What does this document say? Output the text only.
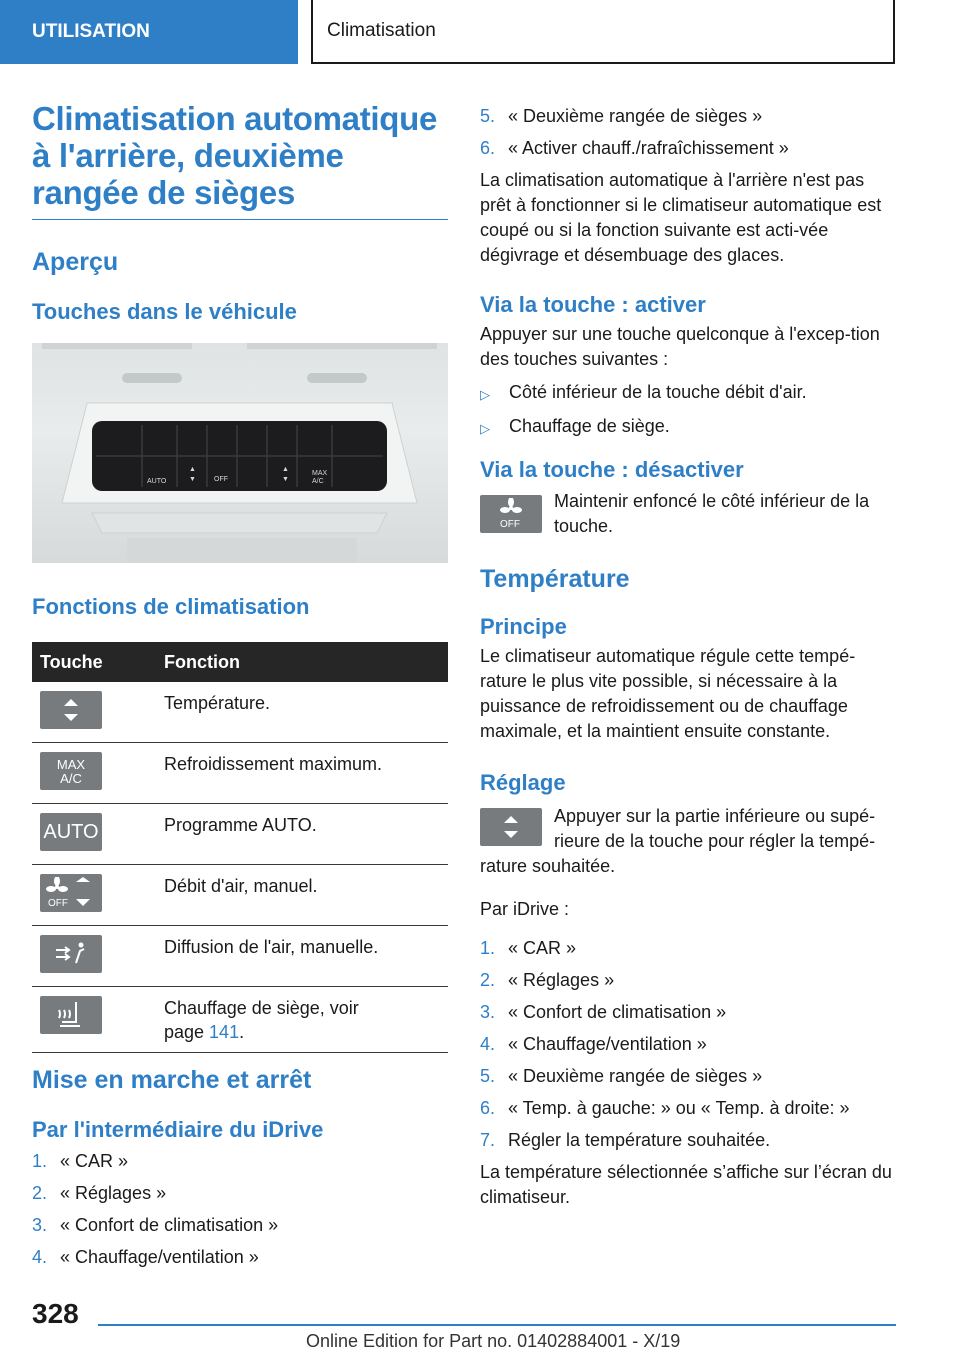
UTILISATION	Climatisation
Climatisation automatique à l'arrière, deuxième rangée de sièges
Aperçu
Touches dans le véhicule
AUTO	OFF
MAX
A/C
▲
▼
▲
▼
Fonctions de climatisation
Touche	Fonction

	Température.

MAX
A/C	Refroidissement maximum.

AUTO	Programme AUTO.

OFF	Débit d'air, manuel.

	Diffusion de l'air, manuelle.

	Chauffage de siège, voir
page 141.
Mise en marche et arrêt
Par l'intermédiaire du iDrive
1. « CAR »
2. « Réglages »
3. « Confort de climatisation »
4. « Chauffage/ventilation »
5. « Deuxième rangée de sièges »
6. « Activer chauff./rafraîchissement »

La climatisation automatique à l'arrière n'est pas prêt à fonctionner si le climatiseur automatique est coupé ou si la fonction suivante est acti-vée dégivrage et désembuage des glaces.

Via la touche : activer

Appuyer sur une touche quelconque à l'excep-tion des touches suivantes :

▷	Côté inférieur de la touche débit d'air.
▷	Chauffage de siège.
Via la touche : désactiver
OFF

Maintenir enfoncé le côté inférieur de la touche.

Température
Principe

Le climatiseur automatique régule cette tempé-rature le plus vite possible, si nécessaire à la puissance de refroidissement ou de chauffage maximale, et la maintient ensuite constante.

Réglage

Appuyer sur la partie inférieure ou supé-rieure de la touche pour régler la tempé-rature souhaitée.

Par iDrive :

1. « CAR »
2. « Réglages »
3. « Confort de climatisation »
4. « Chauffage/ventilation »
5. « Deuxième rangée de sièges »
6. « Temp. à gauche: » ou « Temp. à droite: »
7. Régler la température souhaitée.

La température sélectionnée s’affiche sur l’écran du climatiseur.

328
Online Edition for Part no. 01402884001 - X/19
